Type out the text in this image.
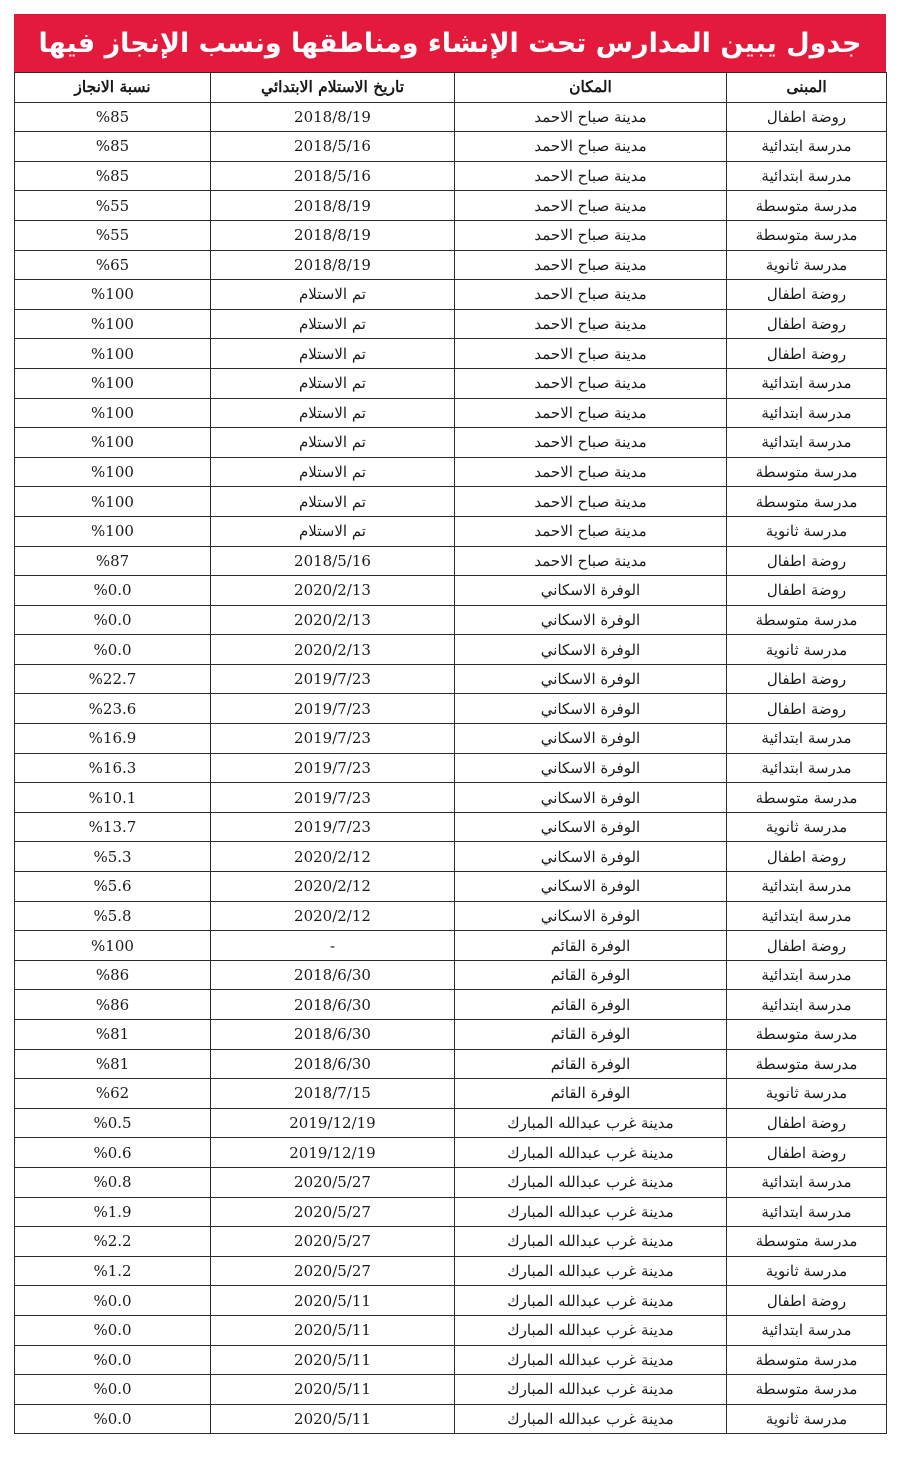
جدول يبين المدارس تحت الإنشاء ومناطقها ونسب الإنجاز فيها
المبنى	المكان	تاريخ الاستلام الابتدائي	نسبة الانجاز
روضة اطفال	مدينة صباح الاحمد	2018/8/19	%85
مدرسة ابتدائية	مدينة صباح الاحمد	2018/5/16	%85
مدرسة ابتدائية	مدينة صباح الاحمد	2018/5/16	%85
مدرسة متوسطة	مدينة صباح الاحمد	2018/8/19	%55
مدرسة متوسطة	مدينة صباح الاحمد	2018/8/19	%55
مدرسة ثانوية	مدينة صباح الاحمد	2018/8/19	%65
روضة اطفال	مدينة صباح الاحمد	تم الاستلام	%100
روضة اطفال	مدينة صباح الاحمد	تم الاستلام	%100
روضة اطفال	مدينة صباح الاحمد	تم الاستلام	%100
مدرسة ابتدائية	مدينة صباح الاحمد	تم الاستلام	%100
مدرسة ابتدائية	مدينة صباح الاحمد	تم الاستلام	%100
مدرسة ابتدائية	مدينة صباح الاحمد	تم الاستلام	%100
مدرسة متوسطة	مدينة صباح الاحمد	تم الاستلام	%100
مدرسة متوسطة	مدينة صباح الاحمد	تم الاستلام	%100
مدرسة ثانوية	مدينة صباح الاحمد	تم الاستلام	%100
روضة اطفال	مدينة صباح الاحمد	2018/5/16	%87
روضة اطفال	الوفرة الاسكاني	2020/2/13	%0.0
مدرسة متوسطة	الوفرة الاسكاني	2020/2/13	%0.0
مدرسة ثانوية	الوفرة الاسكاني	2020/2/13	%0.0
روضة اطفال	الوفرة الاسكاني	2019/7/23	%22.7
روضة اطفال	الوفرة الاسكاني	2019/7/23	%23.6
مدرسة ابتدائية	الوفرة الاسكاني	2019/7/23	%16.9
مدرسة ابتدائية	الوفرة الاسكاني	2019/7/23	%16.3
مدرسة متوسطة	الوفرة الاسكاني	2019/7/23	%10.1
مدرسة ثانوية	الوفرة الاسكاني	2019/7/23	%13.7
روضة اطفال	الوفرة الاسكاني	2020/2/12	%5.3
مدرسة ابتدائية	الوفرة الاسكاني	2020/2/12	%5.6
مدرسة ابتدائية	الوفرة الاسكاني	2020/2/12	%5.8
روضة اطفال	الوفرة القائم	-	%100
مدرسة ابتدائية	الوفرة القائم	2018/6/30	%86
مدرسة ابتدائية	الوفرة القائم	2018/6/30	%86
مدرسة متوسطة	الوفرة القائم	2018/6/30	%81
مدرسة متوسطة	الوفرة القائم	2018/6/30	%81
مدرسة ثانوية	الوفرة القائم	2018/7/15	%62
روضة اطفال	مدينة غرب عبدالله المبارك	2019/12/19	%0.5
روضة اطفال	مدينة غرب عبدالله المبارك	2019/12/19	%0.6
مدرسة ابتدائية	مدينة غرب عبدالله المبارك	2020/5/27	%0.8
مدرسة ابتدائية	مدينة غرب عبدالله المبارك	2020/5/27	%1.9
مدرسة متوسطة	مدينة غرب عبدالله المبارك	2020/5/27	%2.2
مدرسة ثانوية	مدينة غرب عبدالله المبارك	2020/5/27	%1.2
روضة اطفال	مدينة غرب عبدالله المبارك	2020/5/11	%0.0
مدرسة ابتدائية	مدينة غرب عبدالله المبارك	2020/5/11	%0.0
مدرسة متوسطة	مدينة غرب عبدالله المبارك	2020/5/11	%0.0
مدرسة متوسطة	مدينة غرب عبدالله المبارك	2020/5/11	%0.0
مدرسة ثانوية	مدينة غرب عبدالله المبارك	2020/5/11	%0.0
